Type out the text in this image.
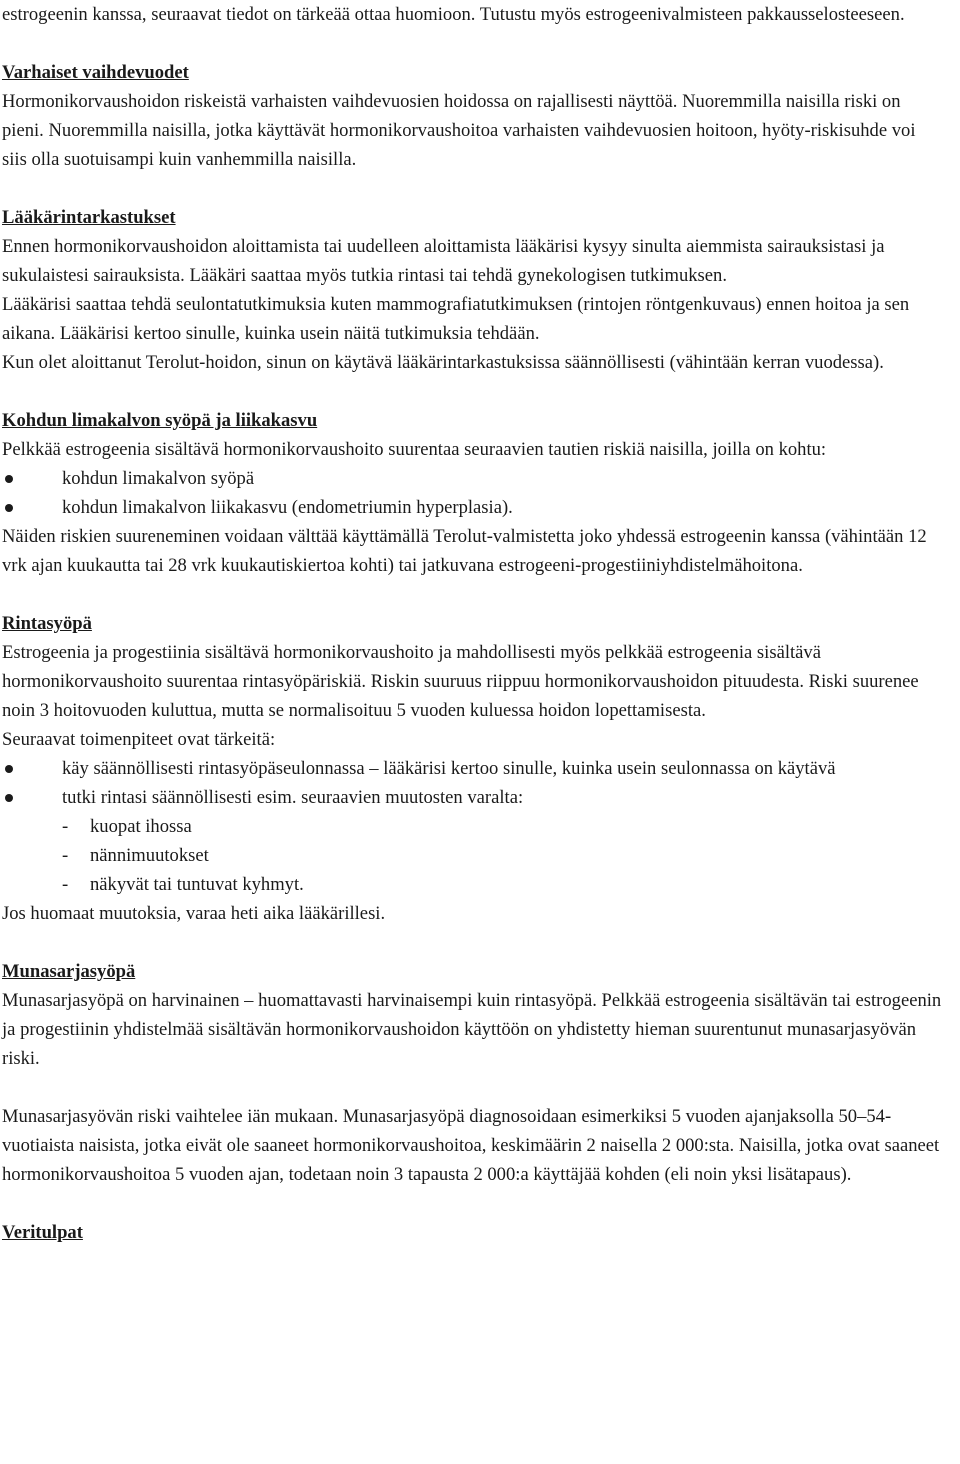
estrogeenin kanssa, seuraavat tiedot on tärkeää ottaa huomioon. Tutustu myös estrogeenivalmisteen pakkausselosteeseen.

Varhaiset vaihdevuodet

Hormonikorvaushoidon riskeistä varhaisten vaihdevuosien hoidossa on rajallisesti näyttöä. Nuoremmilla naisilla riski on pieni. Nuoremmilla naisilla, jotka käyttävät hormonikorvaushoitoa varhaisten vaihdevuosien hoitoon, hyöty-riskisuhde voi siis olla suotuisampi kuin vanhemmilla naisilla.

Lääkärintarkastukset

Ennen hormonikorvaushoidon aloittamista tai uudelleen aloittamista lääkärisi kysyy sinulta aiemmista sairauksistasi ja sukulaistesi sairauksista. Lääkäri saattaa myös tutkia rintasi tai tehdä gynekologisen tutkimuksen.

Lääkärisi saattaa tehdä seulontatutkimuksia kuten mammografiatutkimuksen (rintojen röntgenkuvaus) ennen hoitoa ja sen aikana. Lääkärisi kertoo sinulle, kuinka usein näitä tutkimuksia tehdään.

Kun olet aloittanut Terolut-hoidon, sinun on käytävä lääkärintarkastuksissa säännöllisesti (vähintään kerran vuodessa).

Kohdun limakalvon syöpä ja liikakasvu

Pelkkää estrogeenia sisältävä hormonikorvaushoito suurentaa seuraavien tautien riskiä naisilla, joilla on kohtu:

kohdun limakalvon syöpä
kohdun limakalvon liikakasvu (endometriumin hyperplasia).

Näiden riskien suureneminen voidaan välttää käyttämällä Terolut-valmistetta joko yhdessä estrogeenin kanssa (vähintään 12 vrk ajan kuukautta tai 28 vrk kuukautiskiertoa kohti) tai jatkuvana estrogeeni-progestiiniyhdistelmähoitona.

Rintasyöpä

Estrogeenia ja progestiinia sisältävä hormonikorvaushoito ja mahdollisesti myös pelkkää estrogeenia sisältävä hormonikorvaushoito suurentaa rintasyöpäriskiä. Riskin suuruus riippuu hormonikorvaushoidon pituudesta. Riski suurenee noin 3 hoitovuoden kuluttua, mutta se normalisoituu 5 vuoden kuluessa hoidon lopettamisesta.

Seuraavat toimenpiteet ovat tärkeitä:

käy säännöllisesti rintasyöpäseulonnassa – lääkärisi kertoo sinulle, kuinka usein seulonnassa on käytävä
tutki rintasi säännöllisesti esim. seuraavien muutosten varalta:
- kuopat ihossa
- nännimuutokset
- näkyvät tai tuntuvat kyhmyt.

Jos huomaat muutoksia, varaa heti aika lääkärillesi.

Munasarjasyöpä

Munasarjasyöpä on harvinainen – huomattavasti harvinaisempi kuin rintasyöpä. Pelkkää estrogeenia sisältävän tai estrogeenin ja progestiinin yhdistelmää sisältävän hormonikorvaushoidon käyttöön on yhdistetty hieman suurentunut munasarjasyövän riski.

Munasarjasyövän riski vaihtelee iän mukaan. Munasarjasyöpä diagnosoidaan esimerkiksi 5 vuoden ajanjaksolla 50–54-vuotiaista naisista, jotka eivät ole saaneet hormonikorvaushoitoa, keskimäärin 2 naisella 2 000:sta. Naisilla, jotka ovat saaneet hormonikorvaushoitoa 5 vuoden ajan, todetaan noin 3 tapausta 2 000:a käyttäjää kohden (eli noin yksi lisätapaus).

Veritulpat
